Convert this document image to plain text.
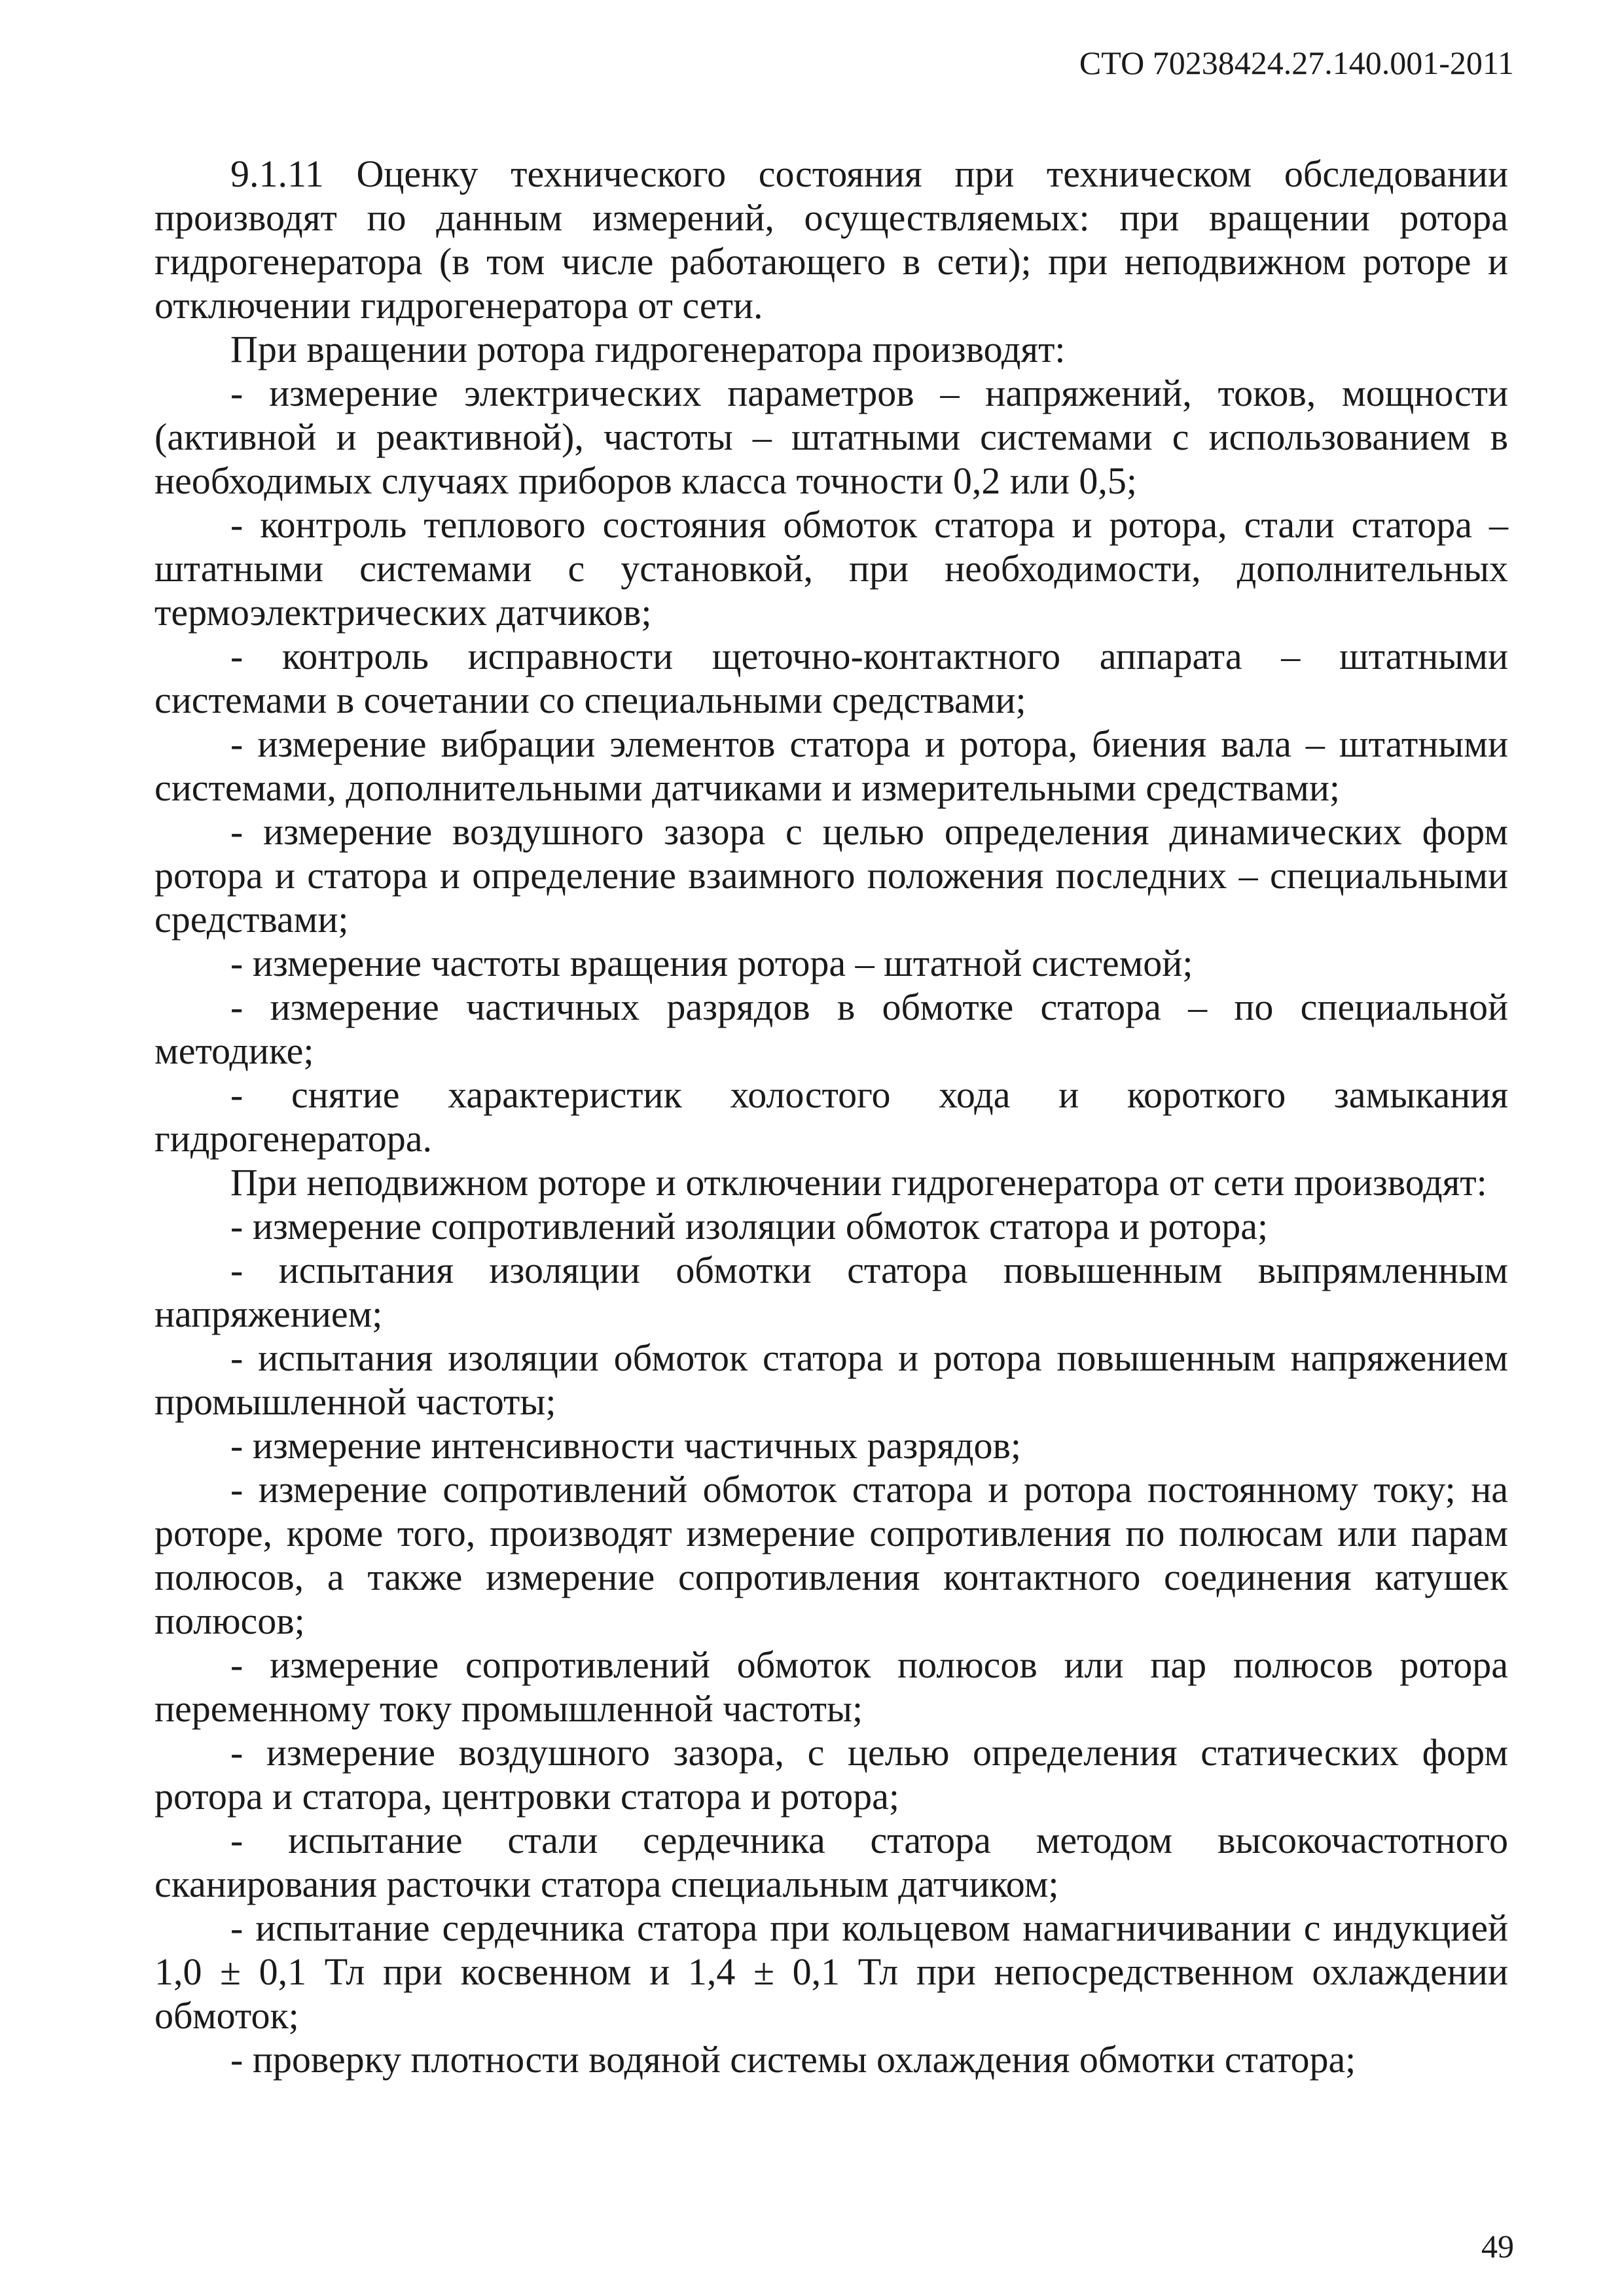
СТО 70238424.27.140.001-2011

9.1.11 Оценку технического состояния при техническом обследовании производят по данным измерений, осуществляемых: при вращении ротора гидрогенератора (в том числе работающего в сети); при неподвижном роторе и отключении гидрогенератора от сети.

При вращении ротора гидрогенератора производят:

- измерение электрических параметров – напряжений, токов, мощности (активной и реактивной), частоты – штатными системами с использованием в необходимых случаях приборов класса точности 0,2 или 0,5;

- контроль теплового состояния обмоток статора и ротора, стали статора – штатными системами с установкой, при необходимости, дополнительных термоэлектрических датчиков;

- контроль исправности щеточно-контактного аппарата – штатными системами в сочетании со специальными средствами;

- измерение вибрации элементов статора и ротора, биения вала – штатными системами, дополнительными датчиками и измерительными средствами;

- измерение воздушного зазора с целью определения динамических форм ротора и статора и определение взаимного положения последних – специальными средствами;

- измерение частоты вращения ротора – штатной системой;

- измерение частичных разрядов в обмотке статора – по специальной методике;

- снятие характеристик холостого хода и короткого замыкания гидрогенератора.

При неподвижном роторе и отключении гидрогенератора от сети производят:

- измерение сопротивлений изоляции обмоток статора и ротора;

- испытания изоляции обмотки статора повышенным выпрямленным напряжением;

- испытания изоляции обмоток статора и ротора повышенным напряжением промышленной частоты;

- измерение интенсивности частичных разрядов;

- измерение сопротивлений обмоток статора и ротора постоянному току; на роторе, кроме того, производят измерение сопротивления по полюсам или парам полюсов, а также измерение сопротивления контактного соединения катушек полюсов;

- измерение сопротивлений обмоток полюсов или пар полюсов ротора переменному току промышленной частоты;

- измерение воздушного зазора, с целью определения статических форм ротора и статора, центровки статора и ротора;

- испытание стали сердечника статора методом высокочастотного сканирования расточки статора специальным датчиком;

- испытание сердечника статора при кольцевом намагничивании с индукцией 1,0 ± 0,1 Тл при косвенном и 1,4 ± 0,1 Тл при непосредственном охлаждении обмоток;

- проверку плотности водяной системы охлаждения обмотки статора;

49
